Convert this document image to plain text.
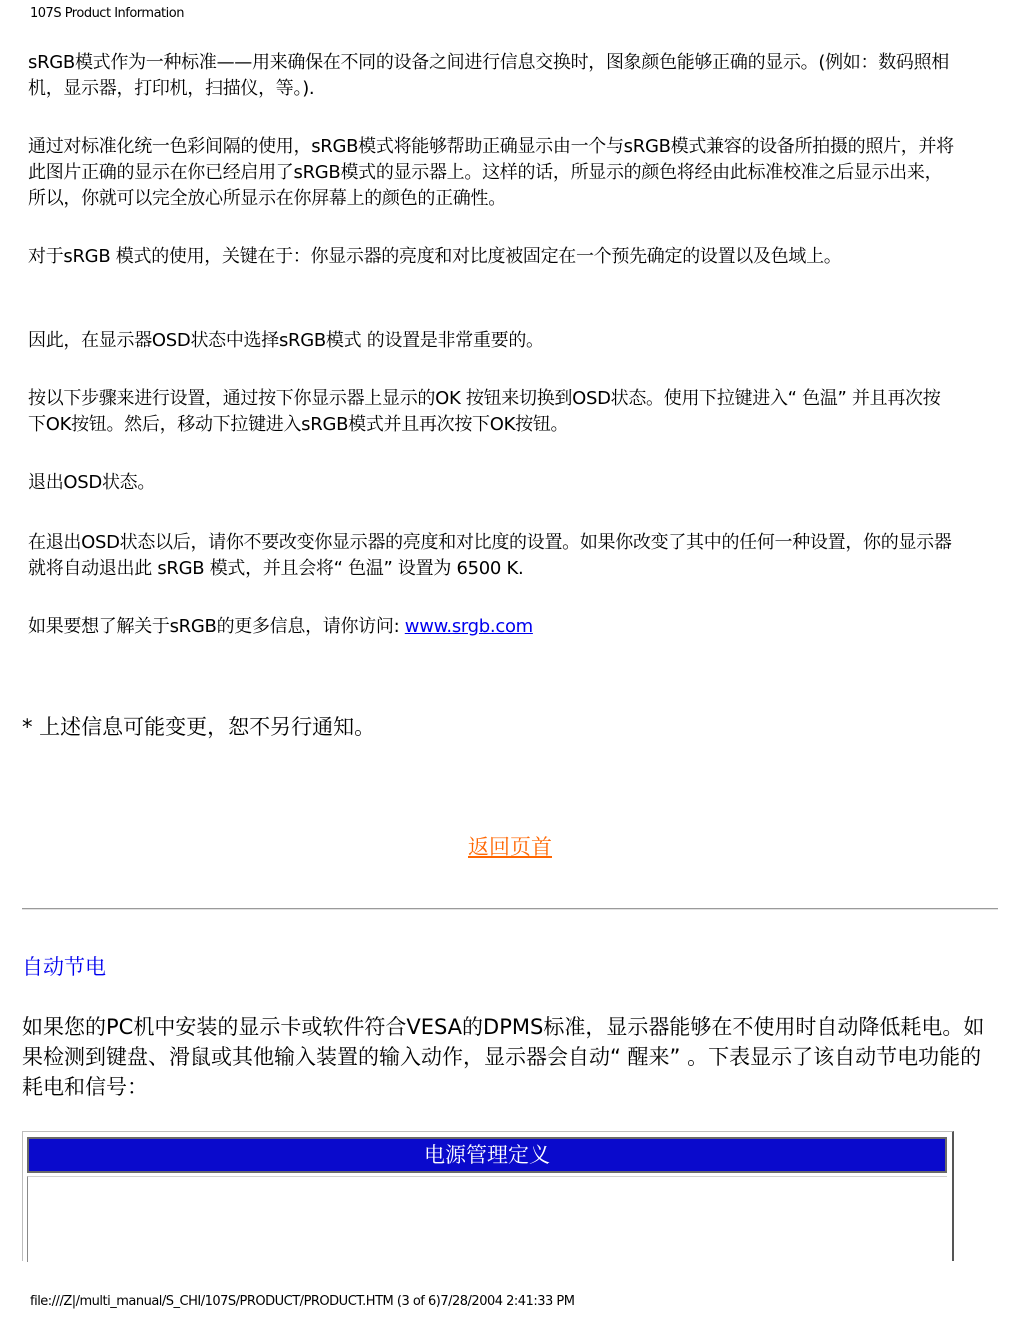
107S Product Information

sRGB模式作为一种标准——用来确保在不同的设备之间进行信息交换时，图象颜色能够正确的显示。(例如：数码照相机，显示器，打印机，扫描仪，等。).

通过对标准化统一色彩间隔的使用，sRGB模式将能够帮助正确显示由一个与sRGB模式兼容的设备所拍摄的照片，并将此图片正确的显示在你已经启用了sRGB模式的显示器上。这样的话，所显示的颜色将经由此标准校准之后显示出来，所以，你就可以完全放心所显示在你屏幕上的颜色的正确性。

对于sRGB 模式的使用，关键在于：你显示器的亮度和对比度被固定在一个预先确定的设置以及色域上。

因此，在显示器OSD状态中选择sRGB模式 的设置是非常重要的。

按以下步骤来进行设置，通过按下你显示器上显示的OK 按钮来切换到OSD状态。使用下拉键进入“ 色温” 并且再次按下OK按钮。然后，移动下拉键进入sRGB模式并且再次按下OK按钮。

退出OSD状态。

在退出OSD状态以后，请你不要改变你显示器的亮度和对比度的设置。如果你改变了其中的任何一种设置，你的显示器就将自动退出此 sRGB 模式，并且会将“ 色温” 设置为 6500 K.

如果要想了解关于sRGB的更多信息，请你访问: www.srgb.com

* 上述信息可能变更，恕不另行通知。
返回页首
自动节电

如果您的PC机中安装的显示卡或软件符合VESA的DPMS标准，显示器能够在不使用时自动降低耗电。如果检测到键盘、滑鼠或其他输入装置的输入动作，显示器会自动“ 醒来” 。下表显示了该自动节电功能的耗电和信号：

电源管理定义
file:///Z|/multi_manual/S_CHI/107S/PRODUCT/PRODUCT.HTM (3 of 6)7/28/2004 2:41:33 PM
